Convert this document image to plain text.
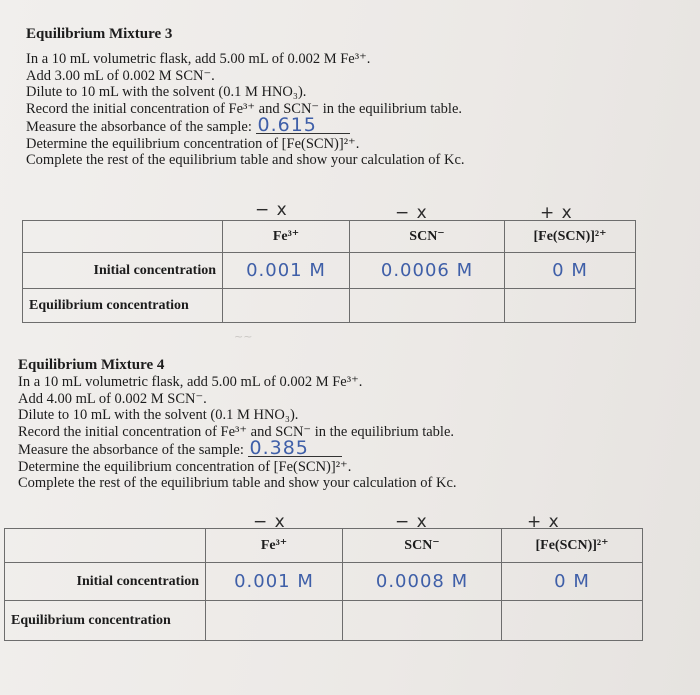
Equilibrium Mixture 3
In a 10 mL volumetric flask, add 5.00 mL of 0.002 M Fe³⁺.
Add 3.00 mL of 0.002 M SCN⁻.
Dilute to 10 mL with the solvent (0.1 M HNO₃).
Record the initial concentration of Fe³⁺ and SCN⁻ in the equilibrium table.
Measure the absorbance of the sample: 0.615
Determine the equilibrium concentration of [Fe(SCN)]²⁺.
Complete the rest of the equilibrium table and show your calculation of Kc.
− x	− x	+ x
	Fe³⁺	SCN⁻	[Fe(SCN)]²⁺
Initial concentration	0.001 M	0.0006 M	0 M
Equilibrium concentration			
~~
Equilibrium Mixture 4
In a 10 mL volumetric flask, add 5.00 mL of 0.002 M Fe³⁺.
Add 4.00 mL of 0.002 M SCN⁻.
Dilute to 10 mL with the solvent (0.1 M HNO₃).
Record the initial concentration of Fe³⁺ and SCN⁻ in the equilibrium table.
Measure the absorbance of the sample: 0.385
Determine the equilibrium concentration of [Fe(SCN)]²⁺.
Complete the rest of the equilibrium table and show your calculation of Kc.
− x	− x	+ x
	Fe³⁺	SCN⁻	[Fe(SCN)]²⁺
Initial concentration	0.001 M	0.0008 M	0 M
Equilibrium concentration			
